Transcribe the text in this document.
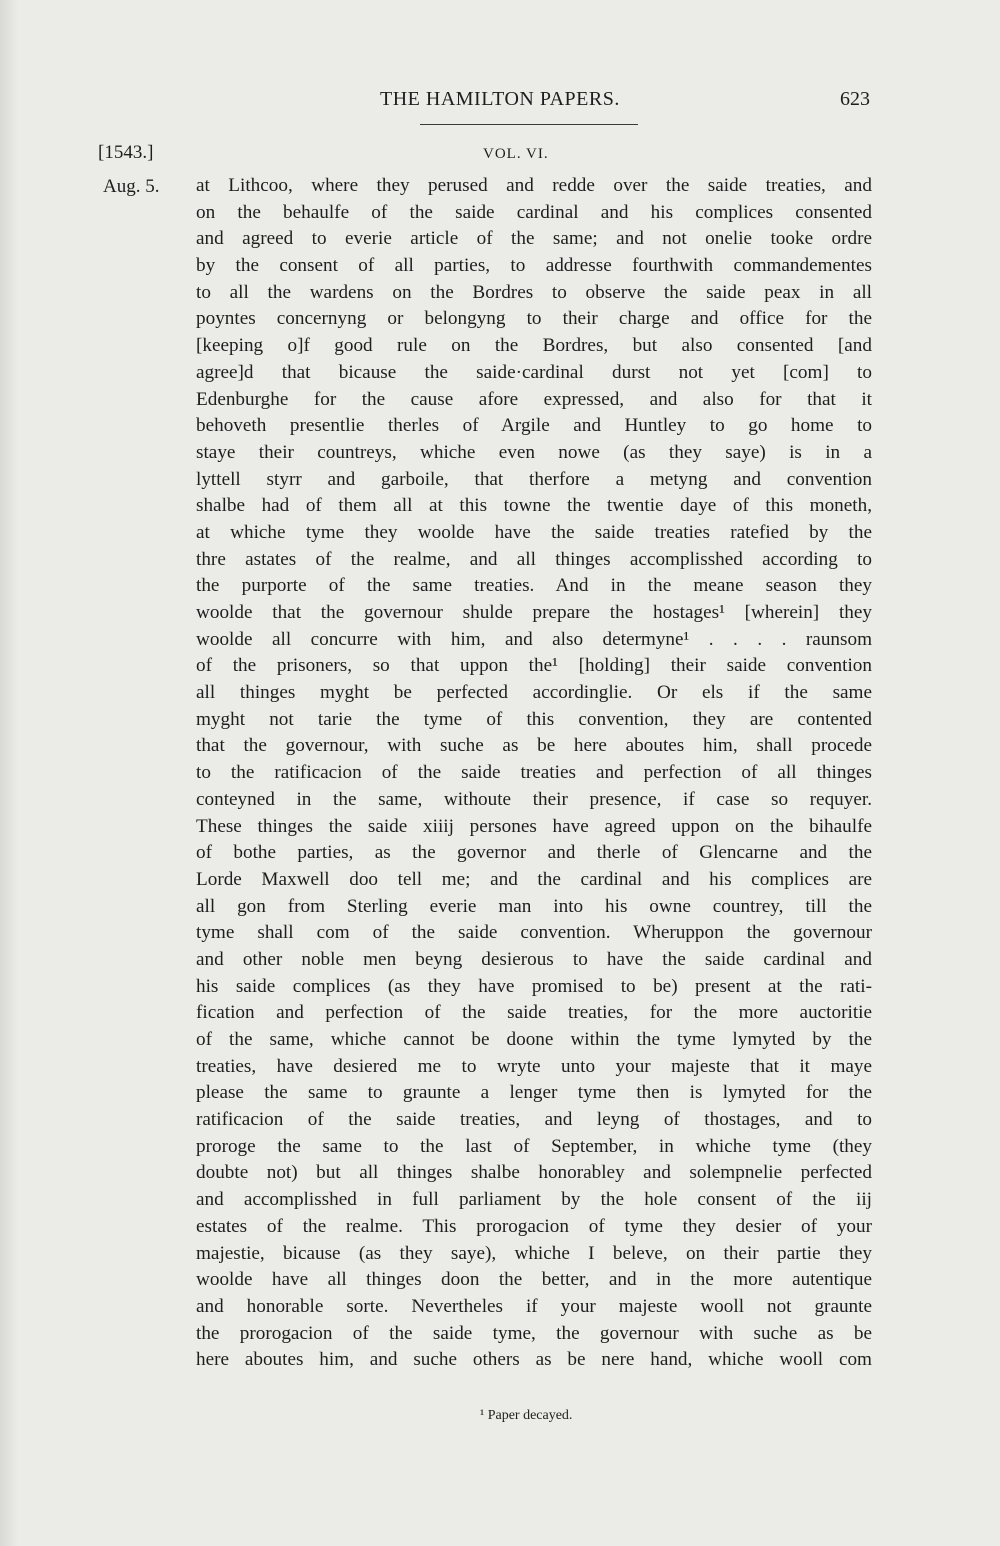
THE HAMILTON PAPERS.	623
[1543.]	VOL. VI.
Aug. 5. at Lithcoo, where they perused and redde over the saide treaties, and
on the behaulfe of the saide cardinal and his complices consented
and agreed to everie article of the same; and not onelie tooke ordre
by the consent of all parties, to addresse fourthwith commandementes
to all the wardens on the Bordres to observe the saide peax in all
poyntes concernyng or belongyng to their charge and office for the
[keeping o]f good rule on the Bordres, but also consented [and
agree]d that bicause the saide·cardinal durst not yet [com] to
Edenburghe for the cause afore expressed, and also for that it
behoveth presentlie therles of Argile and Huntley to go home to
staye their countreys, whiche even nowe (as they saye) is in a
lyttell styrr and garboile, that therfore a metyng and convention
shalbe had of them all at this towne the twentie daye of this moneth,
at whiche tyme they woolde have the saide treaties ratefied by the
thre astates of the realme, and all thinges accomplisshed according to
the purporte of the same treaties. And in the meane season they
woolde that the governour shulde prepare the hostages¹ [wherein] they
woolde all concurre with him, and also determyne¹ . . . . raunsom
of the prisoners, so that uppon the¹ [holding] their saide convention
all thinges myght be perfected accordinglie. Or els if the same
myght not tarie the tyme of this convention, they are contented
that the governour, with suche as be here aboutes him, shall procede
to the ratificacion of the saide treaties and perfection of all thinges
conteyned in the same, withoute their presence, if case so requyer.
These thinges the saide xiiij persones have agreed uppon on the bihaulfe
of bothe parties, as the governor and therle of Glencarne and the
Lorde Maxwell doo tell me; and the cardinal and his complices are
all gon from Sterling everie man into his owne countrey, till the
tyme shall com of the saide convention. Wheruppon the governour
and other noble men beyng desierous to have the saide cardinal and
his saide complices (as they have promised to be) present at the rati-
fication and perfection of the saide treaties, for the more auctoritie
of the same, whiche cannot be doone within the tyme lymyted by the
treaties, have desiered me to wryte unto your majeste that it maye
please the same to graunte a lenger tyme then is lymyted for the
ratificacion of the saide treaties, and leyng of thostages, and to
proroge the same to the last of September, in whiche tyme (they
doubte not) but all thinges shalbe honorabley and solempnelie perfected
and accomplisshed in full parliament by the hole consent of the iij
estates of the realme. This prorogacion of tyme they desier of your
majestie, bicause (as they saye), whiche I beleve, on their partie they
woolde have all thinges doon the better, and in the more autentique
and honorable sorte. Nevertheles if your majeste wooll not graunte
the prorogacion of the saide tyme, the governour with suche as be
here aboutes him, and suche others as be nere hand, whiche wooll com
¹ Paper decayed.
